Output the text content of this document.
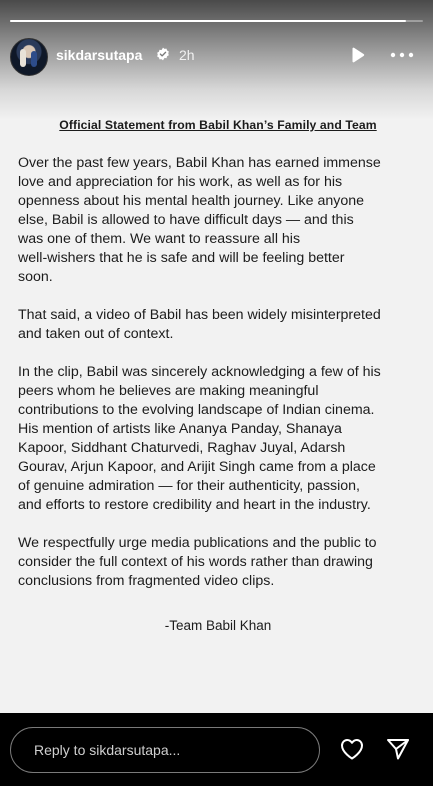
sikdarsutapa	2h
Official Statement from Babil Khan’s Family and Team

Over the past few years, Babil Khan has earned immense
love and appreciation for his work, as well as for his
openness about his mental health journey. Like anyone
else, Babil is allowed to have difficult days — and this
was one of them. We want to reassure all his
well-wishers that he is safe and will be feeling better
soon.

That said, a video of Babil has been widely misinterpreted
and taken out of context.

In the clip, Babil was sincerely acknowledging a few of his
peers whom he believes are making meaningful
contributions to the evolving landscape of Indian cinema.
His mention of artists like Ananya Panday, Shanaya
Kapoor, Siddhant Chaturvedi, Raghav Juyal, Adarsh
Gourav, Arjun Kapoor, and Arijit Singh came from a place
of genuine admiration — for their authenticity, passion,
and efforts to restore credibility and heart in the industry.

We respectfully urge media publications and the public to
consider the full context of his words rather than drawing
conclusions from fragmented video clips.

-Team Babil Khan
Reply to sikdarsutapa...
